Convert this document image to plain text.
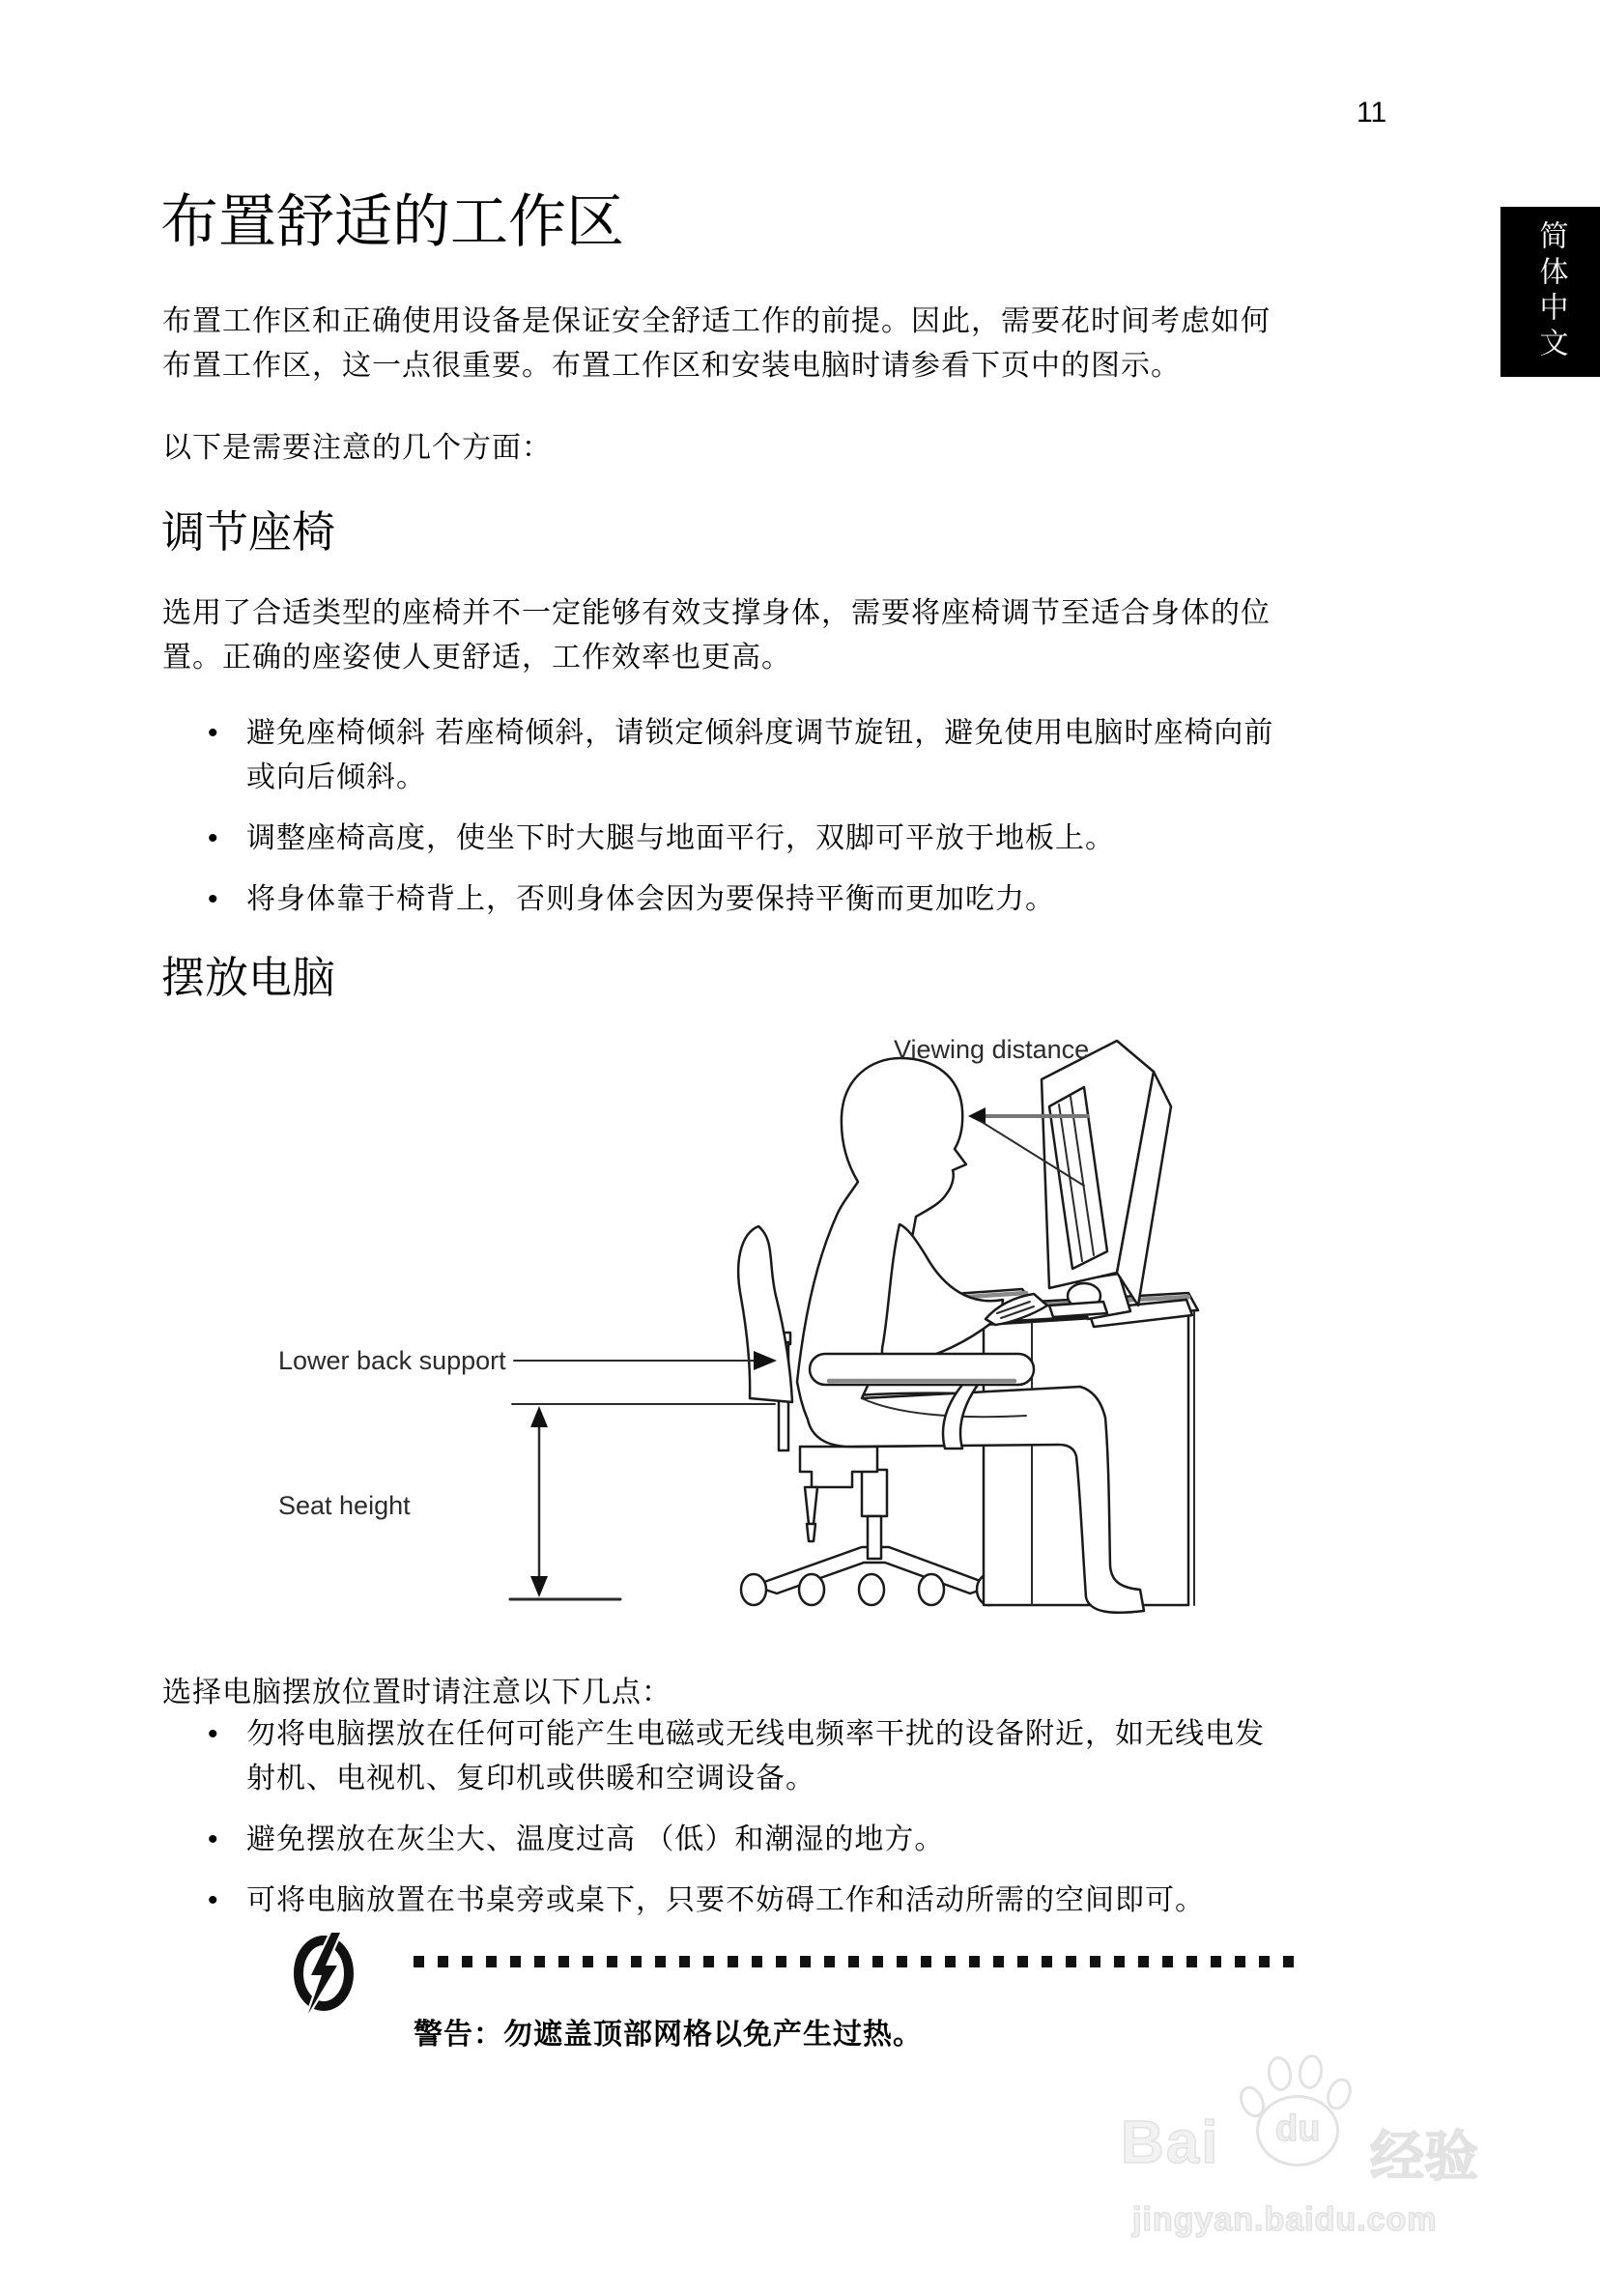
11
简体中文
布置舒适的工作区
布置工作区和正确使用设备是保证安全舒适工作的前提。因此，需要花时间考虑如何布置工作区，这一点很重要。布置工作区和安装电脑时请参看下页中的图示。
以下是需要注意的几个方面：
调节座椅
选用了合适类型的座椅并不一定能够有效支撑身体，需要将座椅调节至适合身体的位置。正确的座姿使人更舒适，工作效率也更高。
• 避免座椅倾斜 若座椅倾斜，请锁定倾斜度调节旋钮，避免使用电脑时座椅向前或向后倾斜。
• 调整座椅高度，使坐下时大腿与地面平行，双脚可平放于地板上。
• 将身体靠于椅背上，否则身体会因为要保持平衡而更加吃力。
摆放电脑
Viewing distance
Lower back support
Seat height
选择电脑摆放位置时请注意以下几点：
• 勿将电脑摆放在任何可能产生电磁或无线电频率干扰的设备附近，如无线电发射机、电视机、复印机或供暖和空调设备。
• 避免摆放在灰尘大、温度过高 （低）和潮湿的地方。
• 可将电脑放置在书桌旁或桌下，只要不妨碍工作和活动所需的空间即可。
警告：勿遮盖顶部网格以免产生过热。
Bai du 经验
jingyan.baidu.com
